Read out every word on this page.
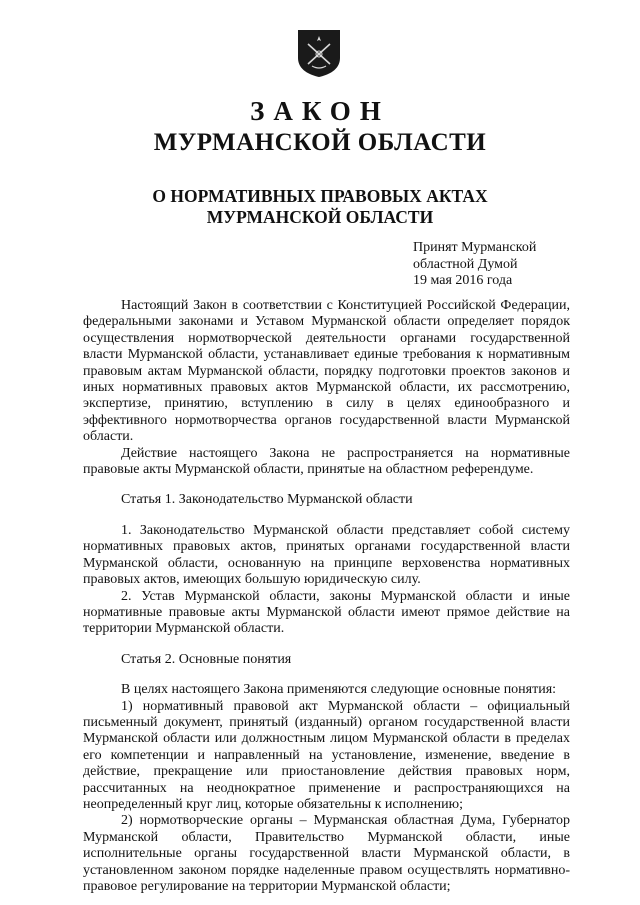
ЗАКОН
МУРМАНСКОЙ ОБЛАСТИ
О НОРМАТИВНЫХ ПРАВОВЫХ АКТАХ
МУРМАНСКОЙ ОБЛАСТИ
Принят Мурманской
областной Думой
19 мая 2016 года

Настоящий Закон в соответствии с Конституцией Российской Федерации, федеральными законами и Уставом Мурманской области определяет порядок осуществления нормотворческой деятельности органами государственной власти Мурманской области, устанавливает единые требования к нормативным правовым актам Мурманской области, порядку подготовки проектов законов и иных нормативных правовых актов Мурманской области, их рассмотрению, экспертизе, принятию, вступлению в силу в целях единообразного и эффективного нормотворчества органов государственной власти Мурманской области.

Действие настоящего Закона не распространяется на нормативные правовые акты Мурманской области, принятые на областном референдуме.

Статья 1. Законодательство Мурманской области

1. Законодательство Мурманской области представляет собой систему нормативных правовых актов, принятых органами государственной власти Мурманской области, основанную на принципе верховенства нормативных правовых актов, имеющих большую юридическую силу.

2. Устав Мурманской области, законы Мурманской области и иные нормативные правовые акты Мурманской области имеют прямое действие на территории Мурманской области.

Статья 2. Основные понятия

В целях настоящего Закона применяются следующие основные понятия:

1) нормативный правовой акт Мурманской области – официальный письменный документ, принятый (изданный) органом государственной власти Мурманской области или должностным лицом Мурманской области в пределах его компетенции и направленный на установление, изменение, введение в действие, прекращение или приостановление действия правовых норм, рассчитанных на неоднократное применение и распространяющихся на неопределенный круг лиц, которые обязательны к исполнению;

2) нормотворческие органы – Мурманская областная Дума, Губернатор Мурманской области, Правительство Мурманской области, иные исполнительные органы государственной власти Мурманской области, в установленном законом порядке наделенные правом осуществлять нормативно-правовое регулирование на территории Мурманской области;
